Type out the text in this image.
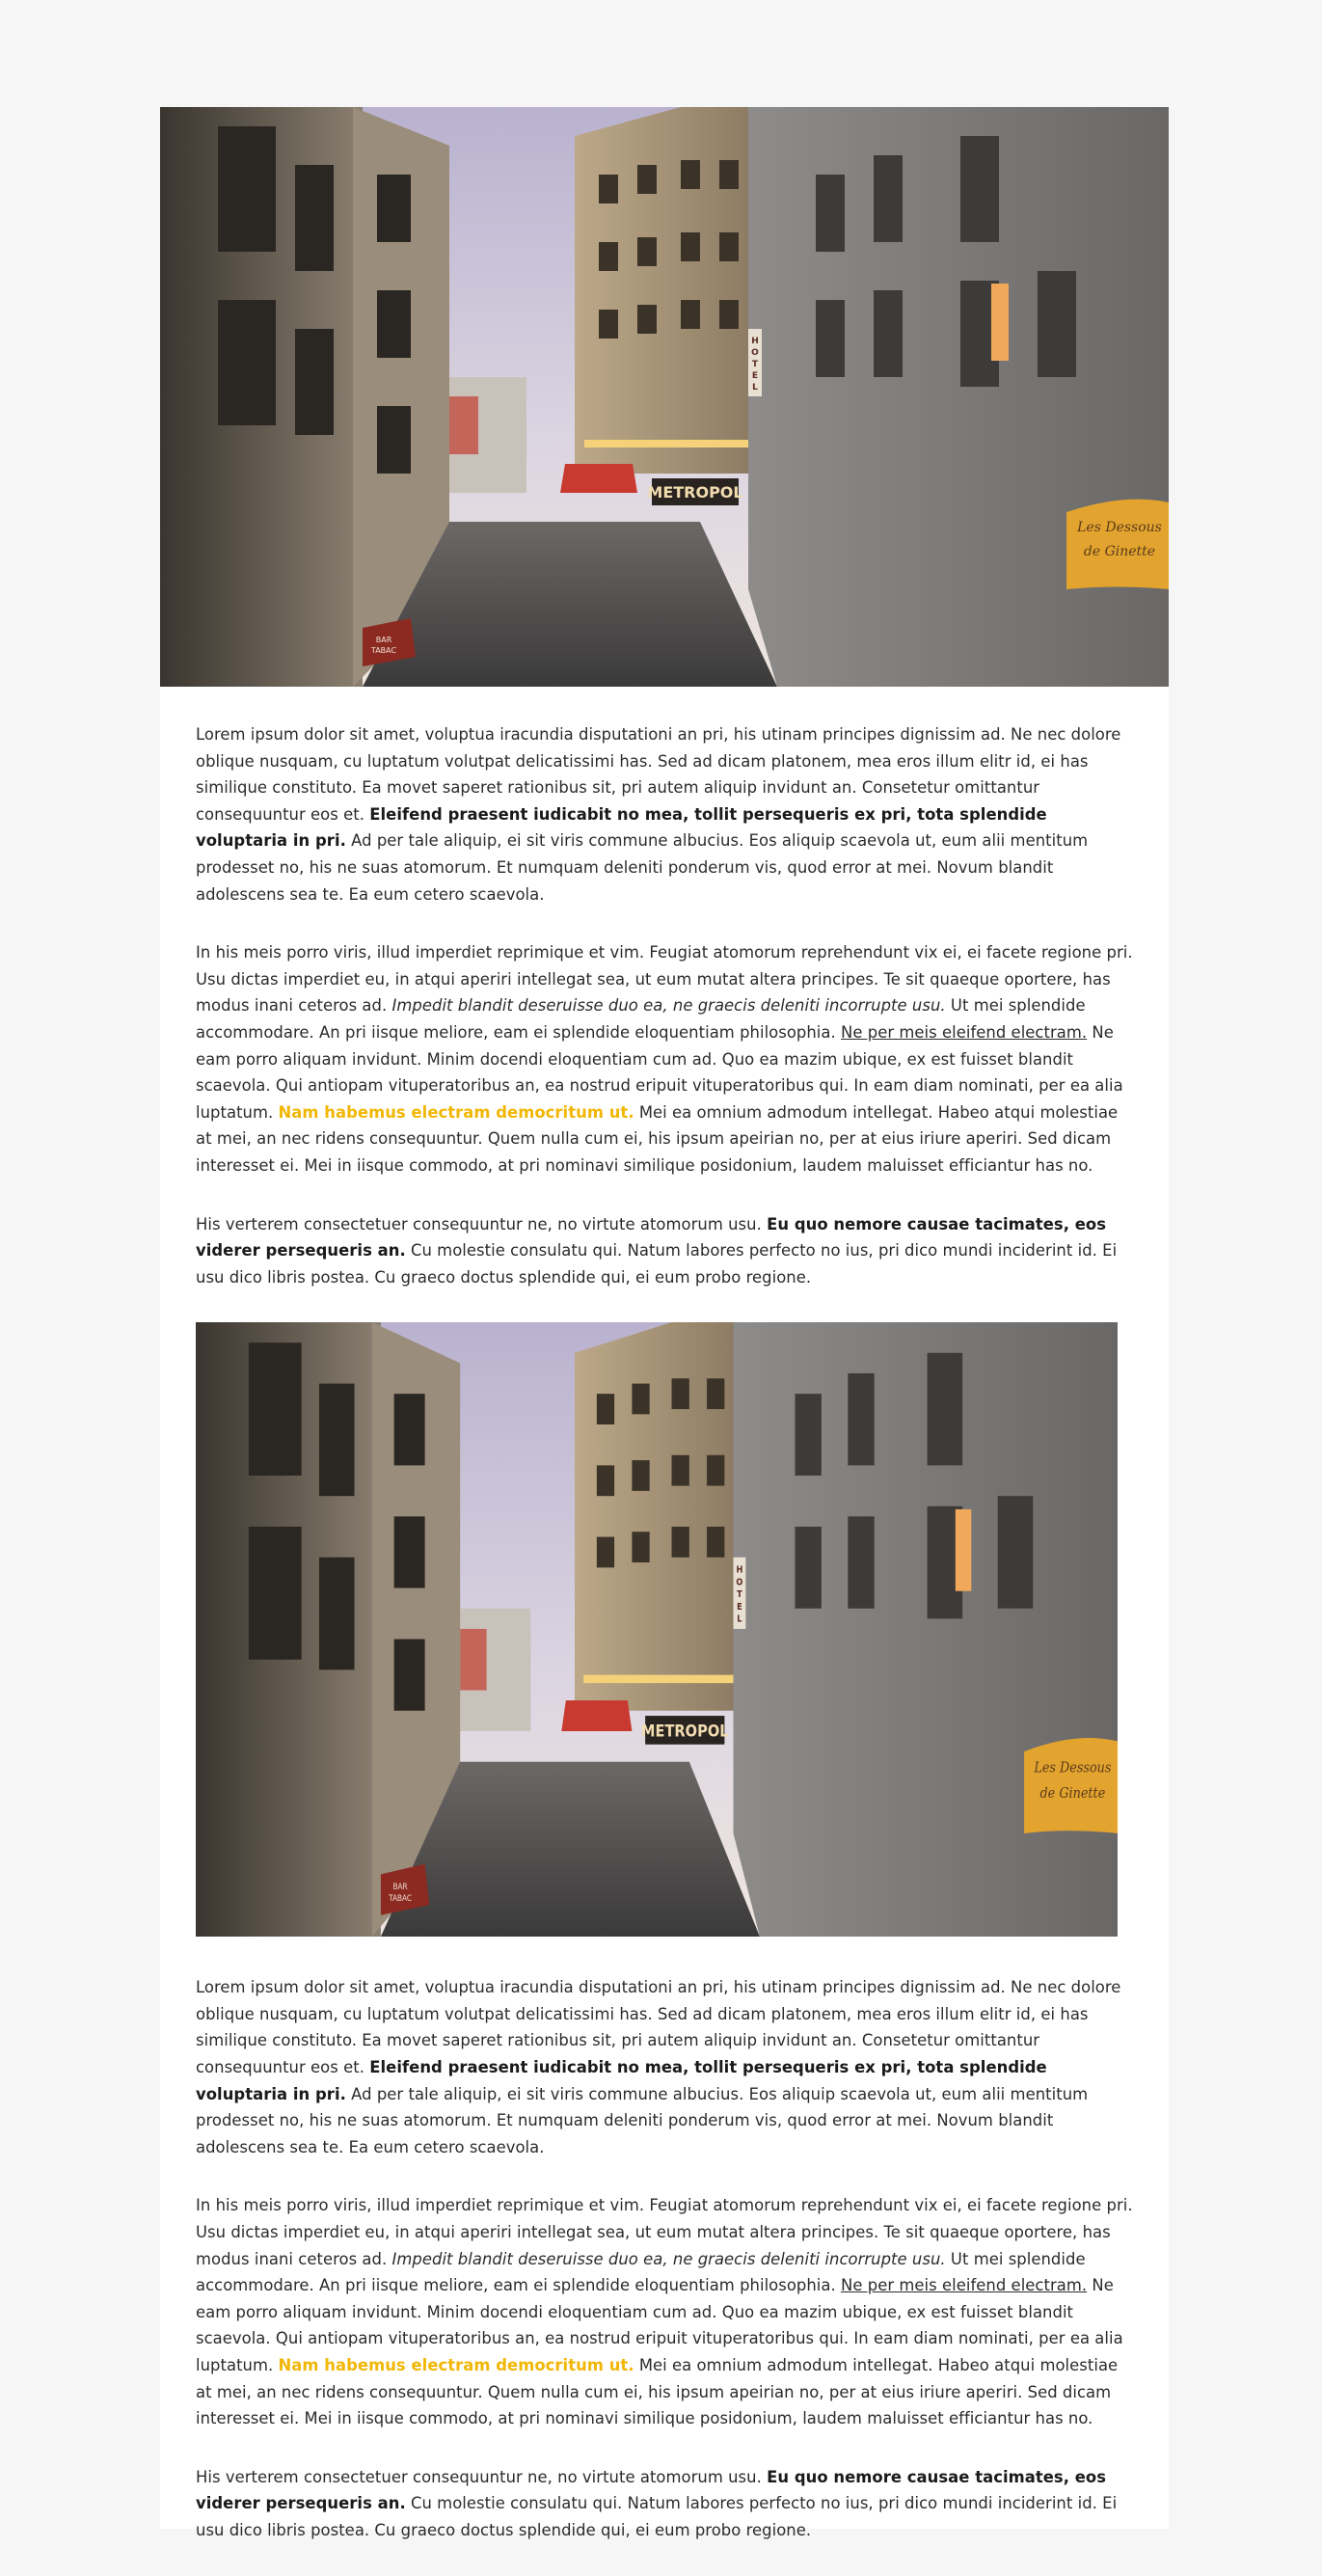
Lorem ipsum dolor sit amet, voluptua iracundia disputationi an pri, his utinam principes dignissim ad. Ne nec dolore oblique nusquam, cu luptatum volutpat delicatissimi has. Sed ad dicam platonem, mea eros illum elitr id, ei has similique constituto. Ea movet saperet rationibus sit, pri autem aliquip invidunt an. Consetetur omittantur consequuntur eos et. Eleifend praesent iudicabit no mea, tollit persequeris ex pri, tota splendide voluptaria in pri. Ad per tale aliquip, ei sit viris commune albucius. Eos aliquip scaevola ut, eum alii mentitum prodesset no, his ne suas atomorum. Et numquam deleniti ponderum vis, quod error at mei. Novum blandit adolescens sea te. Ea eum cetero scaevola.

In his meis porro viris, illud imperdiet reprimique et vim. Feugiat atomorum reprehendunt vix ei, ei facete regione pri. Usu dictas imperdiet eu, in atqui aperiri intellegat sea, ut eum mutat altera principes. Te sit quaeque oportere, has modus inani ceteros ad. Impedit blandit deseruisse duo ea, ne graecis deleniti incorrupte usu. Ut mei splendide accommodare. An pri iisque meliore, eam ei splendide eloquentiam philosophia. Ne per meis eleifend electram. Ne eam porro aliquam invidunt. Minim docendi eloquentiam cum ad. Quo ea mazim ubique, ex est fuisset blandit scaevola. Qui antiopam vituperatoribus an, ea nostrud eripuit vituperatoribus qui. In eam diam nominati, per ea alia luptatum. Nam habemus electram democritum ut. Mei ea omnium admodum intellegat. Habeo atqui molestiae at mei, an nec ridens consequuntur. Quem nulla cum ei, his ipsum apeirian no, per at eius iriure aperiri. Sed dicam interesset ei. Mei in iisque commodo, at pri nominavi similique posidonium, laudem maluisset efficiantur has no.

His verterem consectetuer consequuntur ne, no virtute atomorum usu. Eu quo nemore causae tacimates, eos viderer persequeris an. Cu molestie consulatu qui. Natum labores perfecto no ius, pri dico mundi inciderint id. Ei usu dico libris postea. Cu graeco doctus splendide qui, ei eum probo regione.

Lorem ipsum dolor sit amet, voluptua iracundia disputationi an pri, his utinam principes dignissim ad. Ne nec dolore oblique nusquam, cu luptatum volutpat delicatissimi has. Sed ad dicam platonem, mea eros illum elitr id, ei has similique constituto. Ea movet saperet rationibus sit, pri autem aliquip invidunt an. Consetetur omittantur consequuntur eos et. Eleifend praesent iudicabit no mea, tollit persequeris ex pri, tota splendide voluptaria in pri. Ad per tale aliquip, ei sit viris commune albucius. Eos aliquip scaevola ut, eum alii mentitum prodesset no, his ne suas atomorum. Et numquam deleniti ponderum vis, quod error at mei. Novum blandit adolescens sea te. Ea eum cetero scaevola.

In his meis porro viris, illud imperdiet reprimique et vim. Feugiat atomorum reprehendunt vix ei, ei facete regione pri. Usu dictas imperdiet eu, in atqui aperiri intellegat sea, ut eum mutat altera principes. Te sit quaeque oportere, has modus inani ceteros ad. Impedit blandit deseruisse duo ea, ne graecis deleniti incorrupte usu. Ut mei splendide accommodare. An pri iisque meliore, eam ei splendide eloquentiam philosophia. Ne per meis eleifend electram. Ne eam porro aliquam invidunt. Minim docendi eloquentiam cum ad. Quo ea mazim ubique, ex est fuisset blandit scaevola. Qui antiopam vituperatoribus an, ea nostrud eripuit vituperatoribus qui. In eam diam nominati, per ea alia luptatum. Nam habemus electram democritum ut. Mei ea omnium admodum intellegat. Habeo atqui molestiae at mei, an nec ridens consequuntur. Quem nulla cum ei, his ipsum apeirian no, per at eius iriure aperiri. Sed dicam interesset ei. Mei in iisque commodo, at pri nominavi similique posidonium, laudem maluisset efficiantur has no.

His verterem consectetuer consequuntur ne, no virtute atomorum usu. Eu quo nemore causae tacimates, eos viderer persequeris an. Cu molestie consulatu qui. Natum labores perfecto no ius, pri dico mundi inciderint id. Ei usu dico libris postea. Cu graeco doctus splendide qui, ei eum probo regione.
